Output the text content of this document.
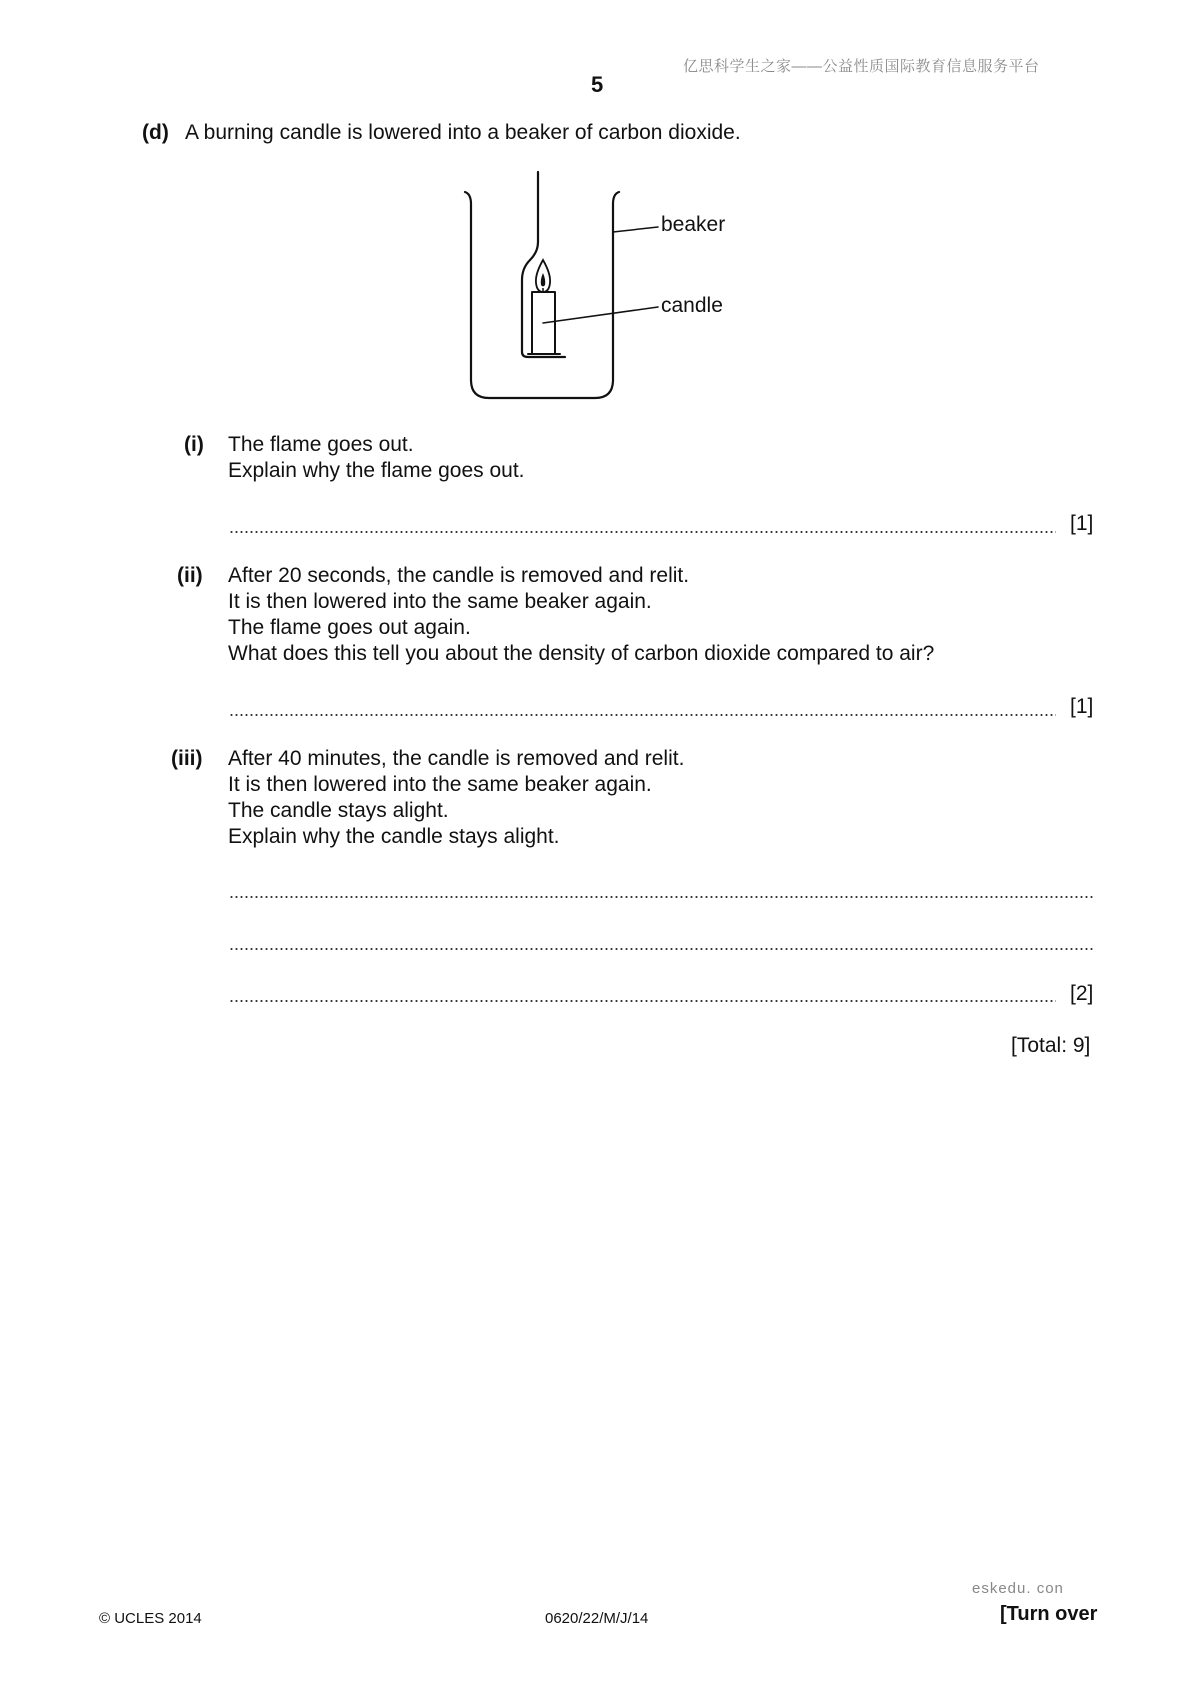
亿思科学生之家——公益性质国际教育信息服务平台
5
(d) A burning candle is lowered into a beaker of carbon dioxide.
beaker
candle
(i) The flame goes out.
Explain why the flame goes out.
[1]
(ii) After 20 seconds, the candle is removed and relit.
It is then lowered into the same beaker again.
The flame goes out again.
What does this tell you about the density of carbon dioxide compared to air?
[1]
(iii) After 40 minutes, the candle is removed and relit.
It is then lowered into the same beaker again.
The candle stays alight.
Explain why the candle stays alight.
[2]
[Total: 9]
eskedu. con
© UCLES 2014	0620/22/M/J/14	[Turn over
